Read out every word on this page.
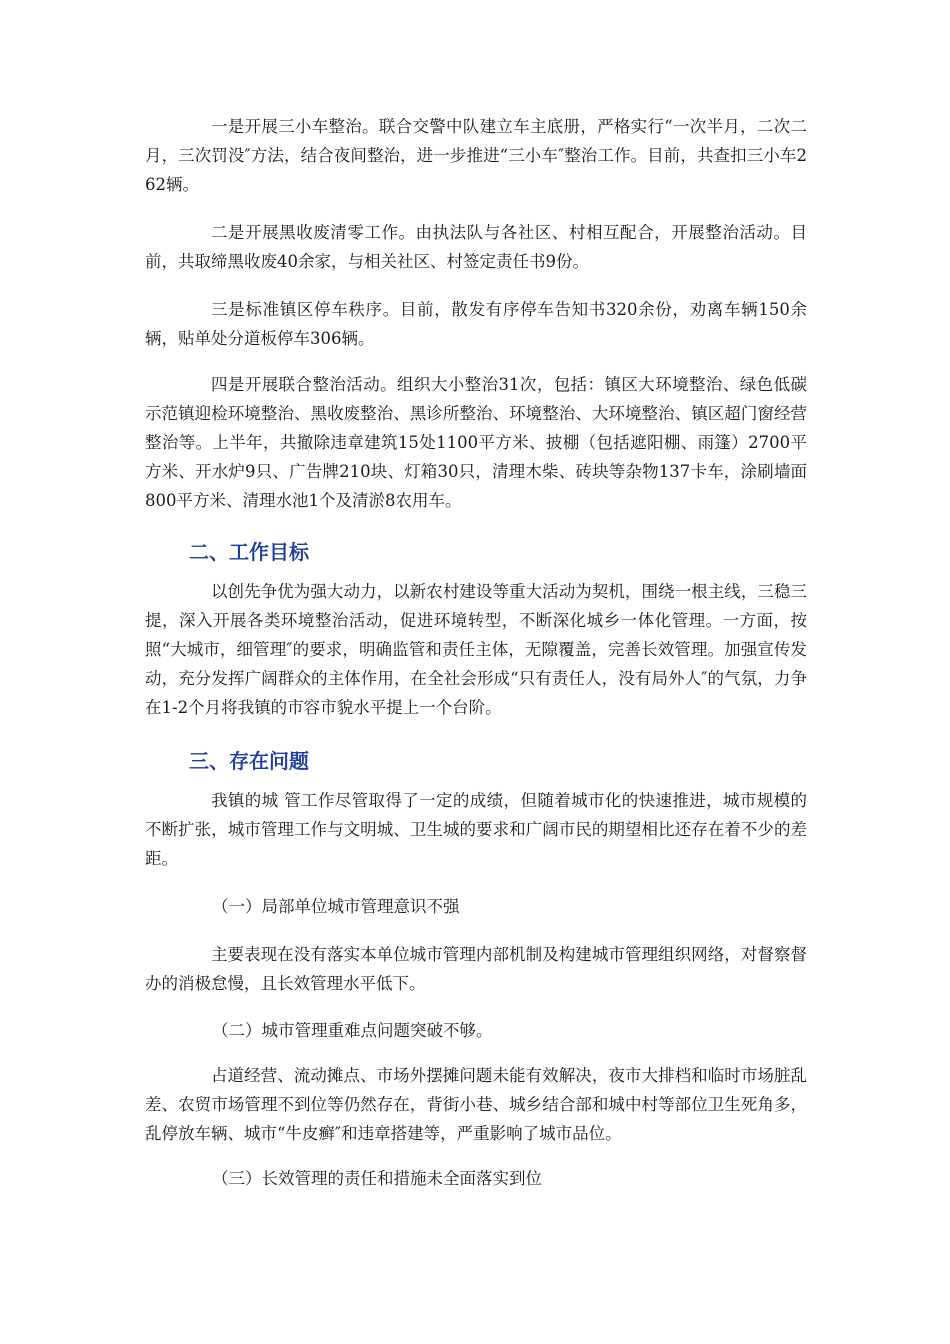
一是开展三小车整治。联合交警中队建立车主底册，严格实行“一次半月，二次二月，三次罚没″方法，结合夜间整治，进一步推进“三小车″整治工作。目前，共查扣三小车262辆。

二是开展黑收废清零工作。由执法队与各社区、村相互配合，开展整治活动。目前，共取缔黑收废40余家，与相关社区、村签定责任书9份。

三是标准镇区停车秩序。目前，散发有序停车告知书320余份，劝离车辆150余辆，贴单处分道板停车306辆。

四是开展联合整治活动。组织大小整治31次，包括：镇区大环境整治、绿色低碳示范镇迎检环境整治、黑收废整治、黑诊所整治、环境整治、大环境整治、镇区超门窗经营整治等。上半年，共撤除违章建筑15处1100平方米、披棚（包括遮阳棚、雨篷）2700平方米、开水炉9只、广告牌210块、灯箱30只，清理木柴、砖块等杂物137卡车，涂刷墙面800平方米、清理水池1个及清淤8农用车。

二、工作目标

以创先争优为强大动力，以新农村建设等重大活动为契机，围绕一根主线，三稳三提，深入开展各类环境整治活动，促进环境转型，不断深化城乡一体化管理。一方面，按照“大城市，细管理″的要求，明确监管和责任主体，无隙覆盖，完善长效管理。加强宣传发动，充分发挥广阔群众的主体作用，在全社会形成“只有责任人，没有局外人″的气氛，力争在1-2个月将我镇的市容市貌水平提上一个台阶。

三、存在问题

我镇的城 管工作尽管取得了一定的成绩，但随着城市化的快速推进，城市规模的不断扩张，城市管理工作与文明城、卫生城的要求和广阔市民的期望相比还存在着不少的差距。

（一）局部单位城市管理意识不强

主要表现在没有落实本单位城市管理内部机制及构建城市管理组织网络，对督察督办的消极怠慢，且长效管理水平低下。

（二）城市管理重难点问题突破不够。

占道经营、流动摊点、市场外摆摊问题未能有效解决，夜市大排档和临时市场脏乱差、农贸市场管理不到位等仍然存在，背街小巷、城乡结合部和城中村等部位卫生死角多，乱停放车辆、城市“牛皮癣″和违章搭建等，严重影响了城市品位。

（三）长效管理的责任和措施未全面落实到位
